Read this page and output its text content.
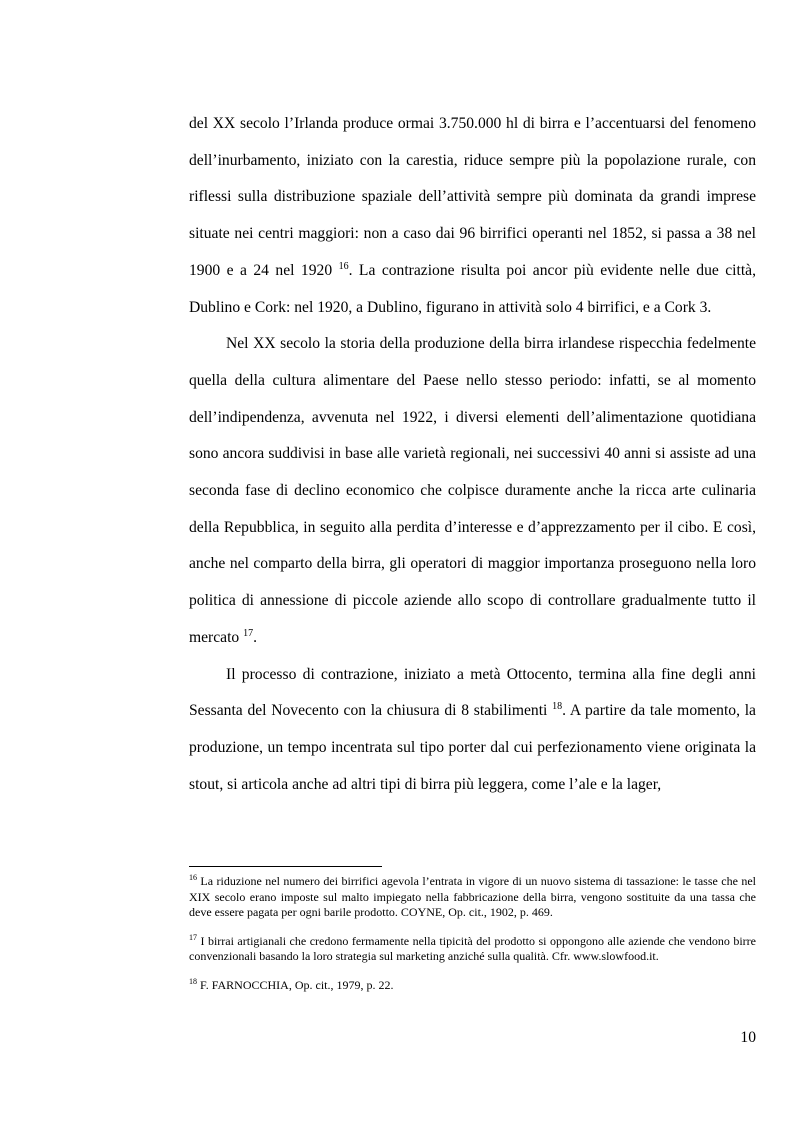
del XX secolo l’Irlanda produce ormai 3.750.000 hl di birra e l’accentuarsi del fenomeno dell’inurbamento, iniziato con la carestia, riduce sempre più la popolazione rurale, con riflessi sulla distribuzione spaziale dell’attività sempre più dominata da grandi imprese situate nei centri maggiori: non a caso dai 96 birrifici operanti nel 1852, si passa a 38 nel 1900 e a 24 nel 1920 $^{16}$. La contrazione risulta poi ancor più evidente nelle due città, Dublino e Cork: nel 1920, a Dublino, figurano in attività solo 4 birrifici, e a Cork 3.

Nel XX secolo la storia della produzione della birra irlandese rispecchia fedelmente quella della cultura alimentare del Paese nello stesso periodo: infatti, se al momento dell’indipendenza, avvenuta nel 1922, i diversi elementi dell’alimentazione quotidiana sono ancora suddivisi in base alle varietà regionali, nei successivi 40 anni si assiste ad una seconda fase di declino economico che colpisce duramente anche la ricca arte culinaria della Repubblica, in seguito alla perdita d’interesse e d’apprezzamento per il cibo. E così, anche nel comparto della birra, gli operatori di maggior importanza proseguono nella loro politica di annessione di piccole aziende allo scopo di controllare gradualmente tutto il mercato $^{17}$.

Il processo di contrazione, iniziato a metà Ottocento, termina alla fine degli anni Sessanta del Novecento con la chiusura di 8 stabilimenti $^{18}$. A partire da tale momento, la produzione, un tempo incentrata sul tipo porter dal cui perfezionamento viene originata la stout, si articola anche ad altri tipi di birra più leggera, come l’ale e la lager,

$^{16}$ La riduzione nel numero dei birrifici agevola l’entrata in vigore di un nuovo sistema di tassazione: le tasse che nel XIX secolo erano imposte sul malto impiegato nella fabbricazione della birra, vengono sostituite da una tassa che deve essere pagata per ogni barile prodotto. COYNE, Op. cit., 1902, p. 469.

$^{17}$ I birrai artigianali che credono fermamente nella tipicità del prodotto si oppongono alle aziende che vendono birre convenzionali basando la loro strategia sul marketing anziché sulla qualità. Cfr. www.slowfood.it.

$^{18}$ F. FARNOCCHIA, Op. cit., 1979, p. 22.

10
